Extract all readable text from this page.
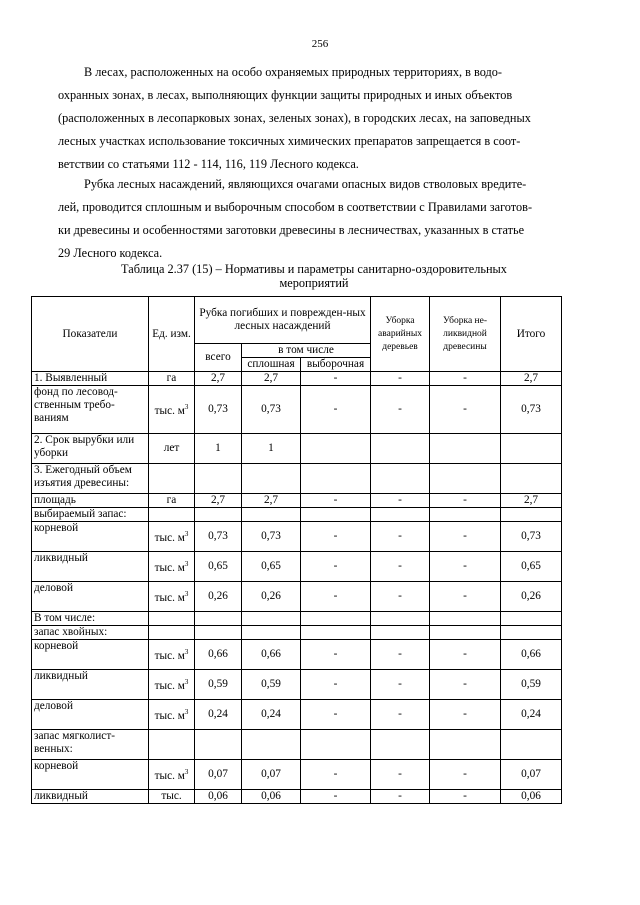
256

В лесах, расположенных на особо охраняемых природных территориях, в водо-
охранных зонах, в лесах, выполняющих функции защиты природных и иных объектов
(расположенных в лесопарковых зонах, зеленых зонах), в городских лесах, на заповедных
лесных участках использование токсичных химических препаратов запрещается в соот-
ветствии со статьями 112 - 114, 116, 119 Лесного кодекса.

Рубка лесных насаждений, являющихся очагами опасных видов стволовых вредите-
лей, проводится сплошным и выборочным способом в соответствии с Правилами заготов-
ки древесины и особенностями заготовки древесины в лесничествах, указанных в статье
29 Лесного кодекса.

Таблица 2.37 (15) – Нормативы и параметры санитарно-оздоровительных
мероприятий
Показатели	Ед. изм.	Рубка погибших и поврежден-ных лесных насаждений			Уборка аварийных деревьев	Уборка не-ликвидной древесины	Итого
		всего	в том числе				
			сплошная	выборочная			
1. Выявленный	га	2,7	2,7	-	-	-	2,7
фонд по лесовод-ственным требо-ваниям	тыс. $м^3$	0,73	0,73	-	-	-	0,73
2. Срок вырубки или уборки	лет	1	1				
3. Ежегодный объем изъятия древесины:							
площадь	га	2,7	2,7	-	-	-	2,7
выбираемый запас:							
корневой	тыс. $м^3$	0,73	0,73	-	-	-	0,73
ликвидный	тыс. $м^3$	0,65	0,65	-	-	-	0,65
деловой	тыс. $м^3$	0,26	0,26	-	-	-	0,26
В том числе:							
запас хвойных:							
корневой	тыс. $м^3$	0,66	0,66	-	-	-	0,66
ликвидный	тыс. $м^3$	0,59	0,59	-	-	-	0,59
деловой	тыс. $м^3$	0,24	0,24	-	-	-	0,24
запас мягколист-венных:							
корневой	тыс. $м^3$	0,07	0,07	-	-	-	0,07
ликвидный	тыс.	0,06	0,06	-	-	-	0,06
